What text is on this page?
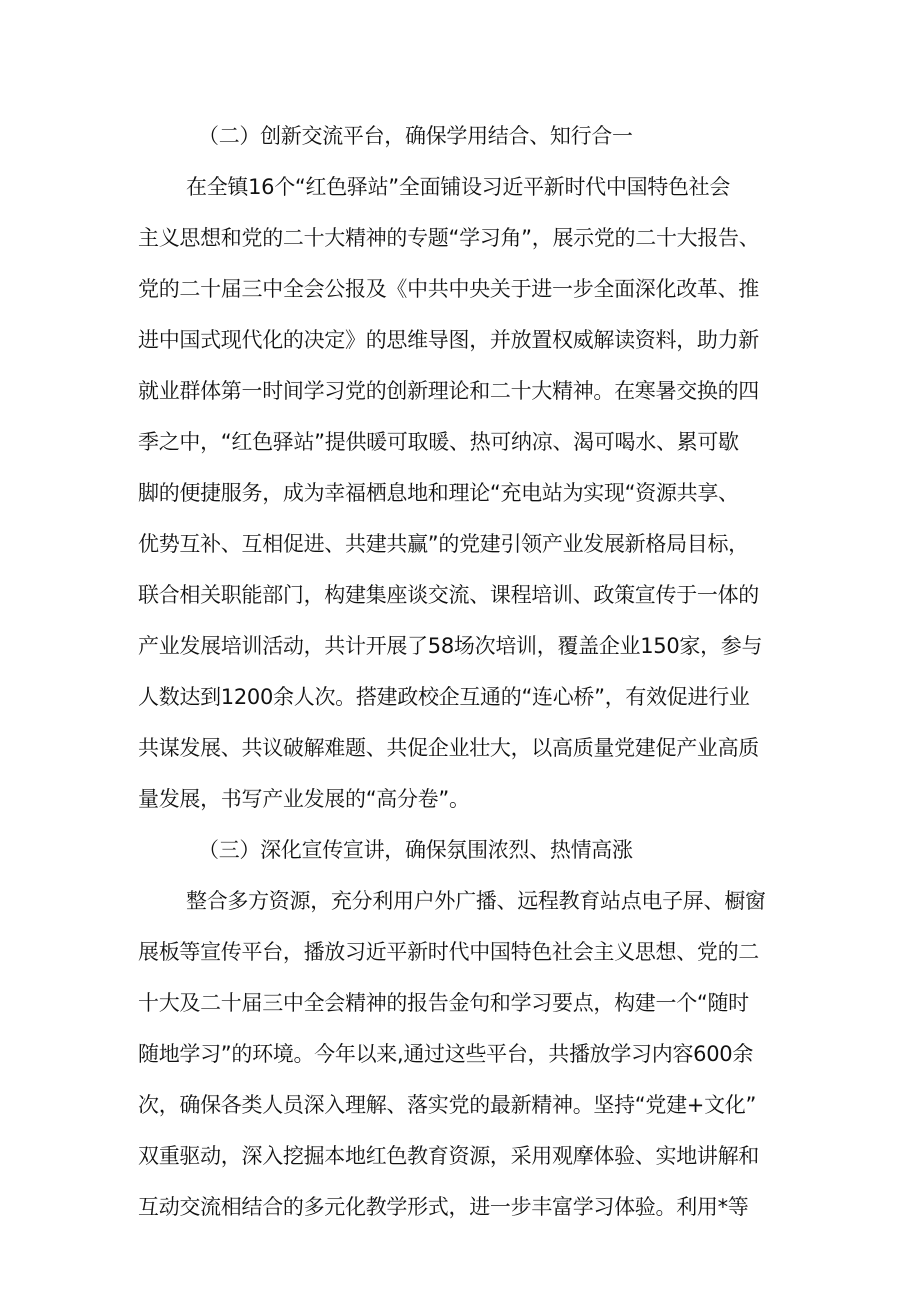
（二）创新交流平台，确保学用结合、知行合一
在全镇16个“红色驿站”全面铺设习近平新时代中国特色社会
主义思想和党的二十大精神的专题“学习角”，展示党的二十大报告、
党的二十届三中全会公报及《中共中央关于进一步全面深化改革、推
进中国式现代化的决定》的思维导图，并放置权威解读资料，助力新
就业群体第一时间学习党的创新理论和二十大精神。在寒暑交换的四
季之中，“红色驿站”提供暖可取暖、热可纳凉、渴可喝水、累可歇
脚的便捷服务，成为幸福栖息地和理论“充电站为实现“资源共享、
优势互补、互相促进、共建共赢”的党建引领产业发展新格局目标，
联合相关职能部门，构建集座谈交流、课程培训、政策宣传于一体的
产业发展培训活动，共计开展了58场次培训，覆盖企业150家，参与
人数达到1200余人次。搭建政校企互通的“连心桥”，有效促进行业
共谋发展、共议破解难题、共促企业壮大，以高质量党建促产业高质
量发展，书写产业发展的“高分卷”。
（三）深化宣传宣讲，确保氛围浓烈、热情高涨
整合多方资源，充分利用户外广播、远程教育站点电子屏、橱窗
展板等宣传平台，播放习近平新时代中国特色社会主义思想、党的二
十大及二十届三中全会精神的报告金句和学习要点，构建一个“随时
随地学习”的环境。今年以来,通过这些平台，共播放学习内容600余
次，确保各类人员深入理解、落实党的最新精神。坚持“党建+文化”
双重驱动，深入挖掘本地红色教育资源，采用观摩体验、实地讲解和
互动交流相结合的多元化教学形式，进一步丰富学习体验。利用*等
